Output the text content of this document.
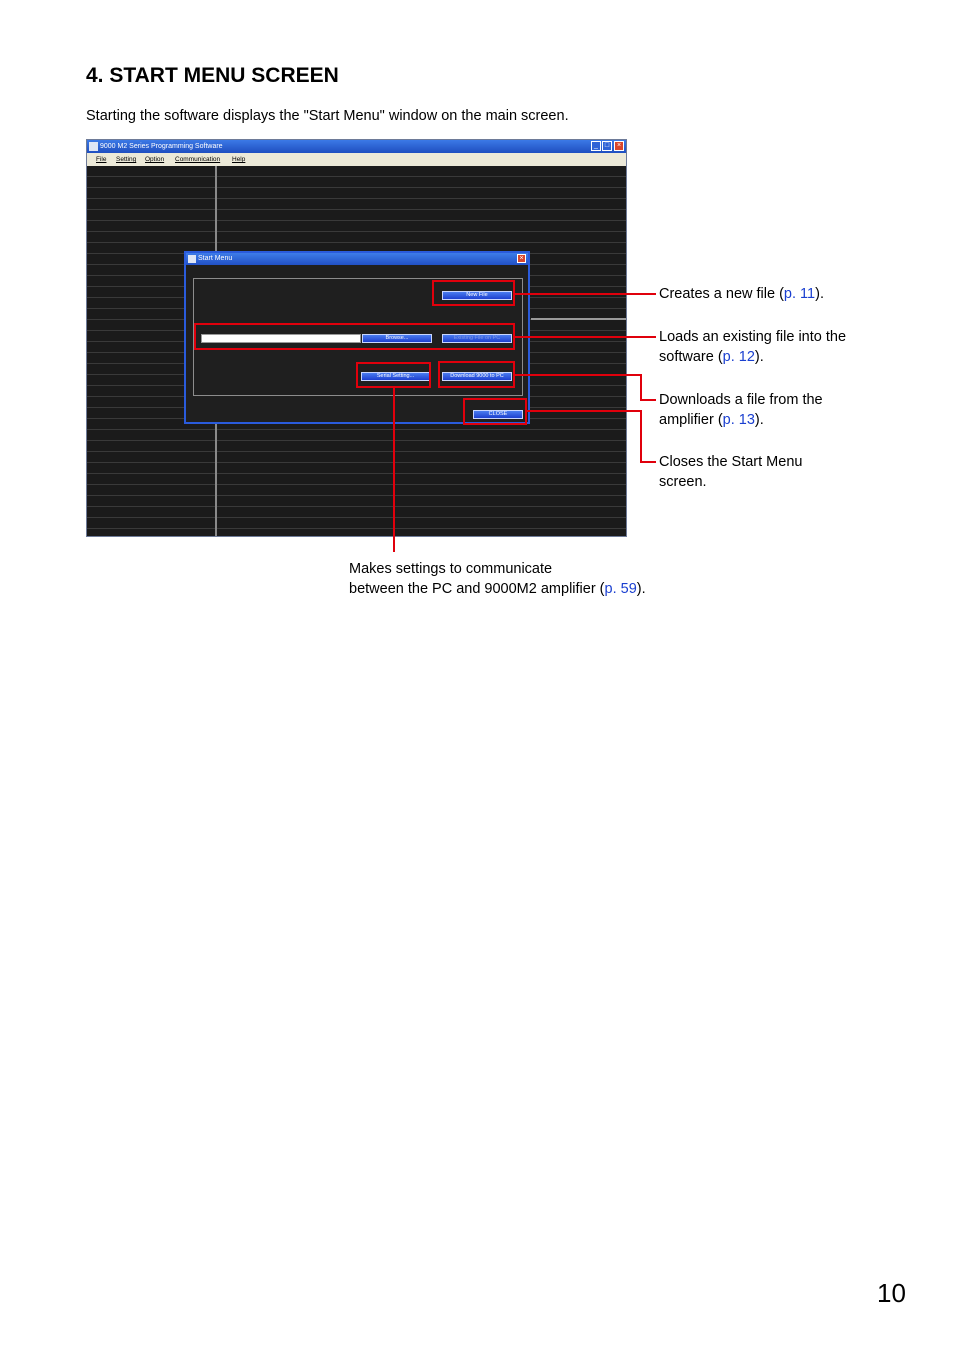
4. START MENU SCREEN
Starting the software displays the "Start Menu" window on the main screen.
9000 M2 Series Programming Software	_ □	×
File Setting Option Communication Help
Start Menu	×
New File
Browse...	Existing File on PC
Serial Setting...	Download 9000 to PC
CLOSE
Creates a new file (p. 11).
Loads an existing file into the
software (p. 12).
Downloads a file from the
amplifier (p. 13).
Closes the Start Menu
screen.
Makes settings to communicate
between the PC and 9000M2 amplifier (p. 59).
10
